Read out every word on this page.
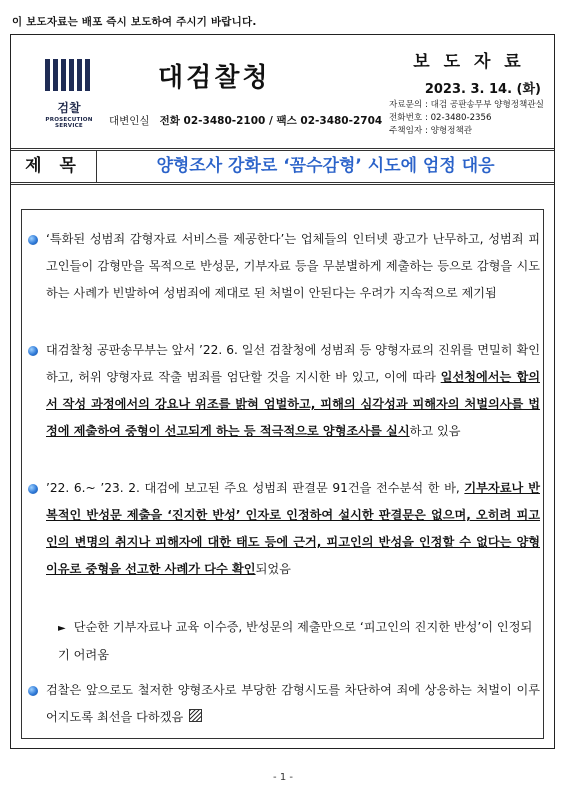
이 보도자료는 배포 즉시 보도하여 주시기 바랍니다.
검찰
PROSECUTION SERVICE
대검찰청
대변인실 전화 02-3480-2100 / 팩스 02-3480-2704
보 도 자 료
2023. 3. 14. (화)
자료문의 : 대검 공판송무부 양형정책관실
전화번호 : 02-3480-2356
주책임자 : 양형정책관
제 목	양형조사 강화로 ‘꼼수감형’ 시도에 엄정 대응
‘특화된 성범죄 감형자료 서비스를 제공한다’는 업체들의 인터넷 광고가 난무하고, 성범죄 피고인들이 감형만을 목적으로 반성문, 기부자료 등을 무분별하게 제출하는 등으로 감형을 시도하는 사례가 빈발하여 성범죄에 제대로 된 처벌이 안된다는 우려가 지속적으로 제기됨
대검찰청 공판송무부는 앞서 ’22. 6. 일선 검찰청에 성범죄 등 양형자료의 진위를 면밀히 확인하고, 허위 양형자료 작출 범죄를 엄단할 것을 지시한 바 있고, 이에 따라 일선청에서는 합의서 작성 과정에서의 강요나 위조를 밝혀 엄벌하고, 피해의 심각성과 피해자의 처벌의사를 법정에 제출하여 중형이 선고되게 하는 등 적극적으로 양형조사를 실시하고 있음
’22. 6.~ ’23. 2. 대검에 보고된 주요 성범죄 판결문 91건을 전수분석 한 바, 기부자료나 반복적인 반성문 제출을 ‘진지한 반성’ 인자로 인정하여 설시한 판결문은 없으며, 오히려 피고인의 변명의 취지나 피해자에 대한 태도 등에 근거, 피고인의 반성을 인정할 수 없다는 양형이유로 중형을 선고한 사례가 다수 확인되었음
► 단순한 기부자료나 교육 이수증, 반성문의 제출만으로 ‘피고인의 진지한 반성’이 인정되기 어려움
검찰은 앞으로도 철저한 양형조사로 부당한 감형시도를 차단하여 죄에 상응하는 처벌이 이루어지도록 최선을 다하겠음
- 1 -
